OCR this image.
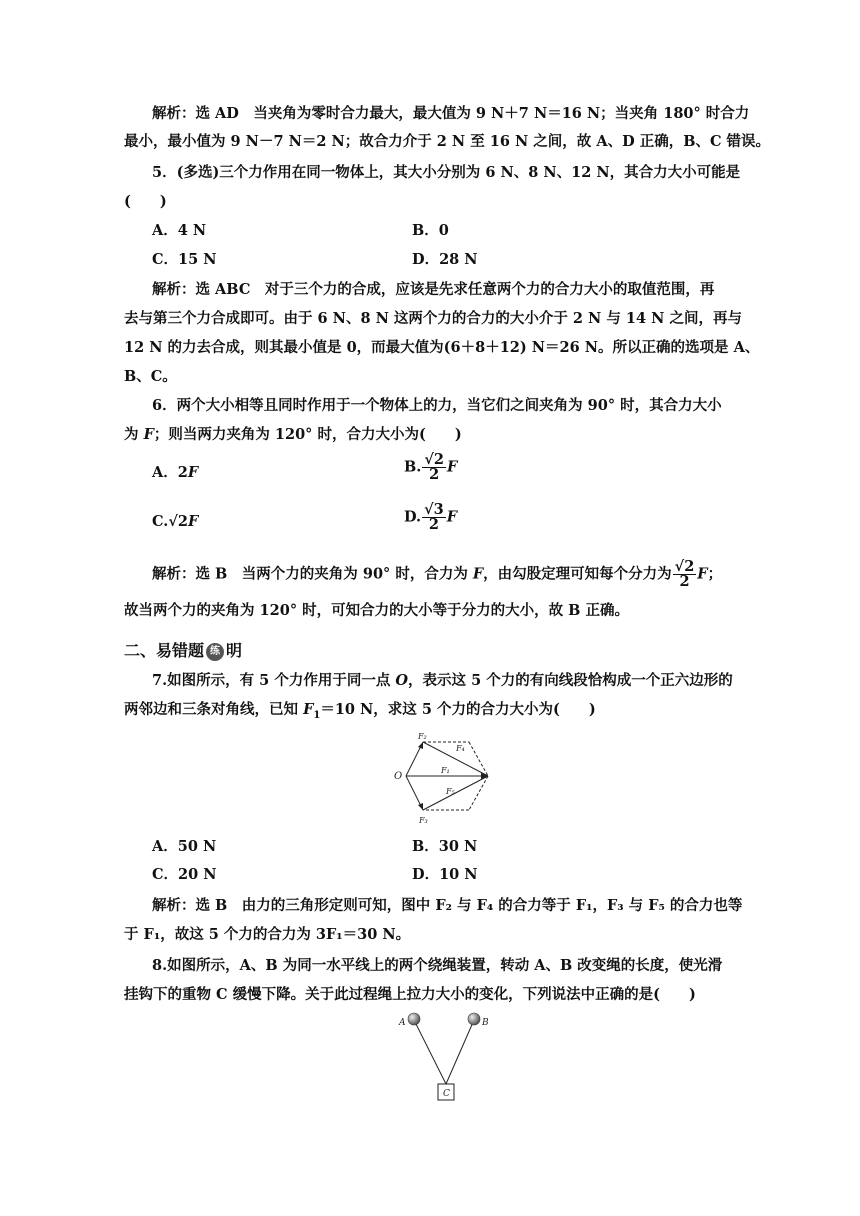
解析：选 AD　当夹角为零时合力最大，最大值为 9 N＋7 N＝16 N；当夹角 180° 时合力
最小，最小值为 9 N－7 N＝2 N；故合力介于 2 N 至 16 N 之间，故 A、D 正确，B、C 错误。
5．(多选)三个力作用在同一物体上，其大小分别为 6 N、8 N、12 N，其合力大小可能是
(　　)
A．4 N	B．0
C．15 N	D．28 N
解析：选 ABC　对于三个力的合成，应该是先求任意两个力的合力大小的取值范围，再
去与第三个力合成即可。由于 6 N、8 N 这两个力的合力的大小介于 2 N 与 14 N 之间，再与
12 N 的力去合成，则其最小值是 0，而最大值为(6＋8＋12) N＝26 N。所以正确的选项是 A、
B、C。
6．两个大小相等且同时作用于一个物体上的力，当它们之间夹角为 90° 时，其合力大小
为 F；则当两力夹角为 120° 时，合力大小为(　　)
A．2F	B. $\frac{√2}{2}$ F
C.√2F	D. $\frac{√3}{2}$ F
解析：选 B　当两个力的夹角为 90° 时，合力为 F，由勾股定理可知每个分力为 $\frac{√2}{2}$ F；
故当两个力的夹角为 120° 时，可知合力的大小等于分力的大小，故 B 正确。
二、易错题 练 明
7.如图所示，有 5 个力作用于同一点 O，表示这 5 个力的有向线段恰构成一个正六边形的
两邻边和三条对角线，已知 $F_1=10$ N，求这 5 个力的合力大小为(　　)
O
F₁
F₂
F₃
F₄
F₅
A．50 N	B．30 N
C．20 N	D．10 N
解析：选 B　由力的三角形定则可知，图中 F₂ 与 F₄ 的合力等于 F₁，F₃ 与 F₅ 的合力也等
于 F₁，故这 5 个力的合力为 3F₁＝30 N。
8.如图所示，A、B 为同一水平线上的两个绕绳装置，转动 A、B 改变绳的长度，使光滑
挂钩下的重物 C 缓慢下降。关于此过程绳上拉力大小的变化，下列说法中正确的是(　　)
A	B
C
